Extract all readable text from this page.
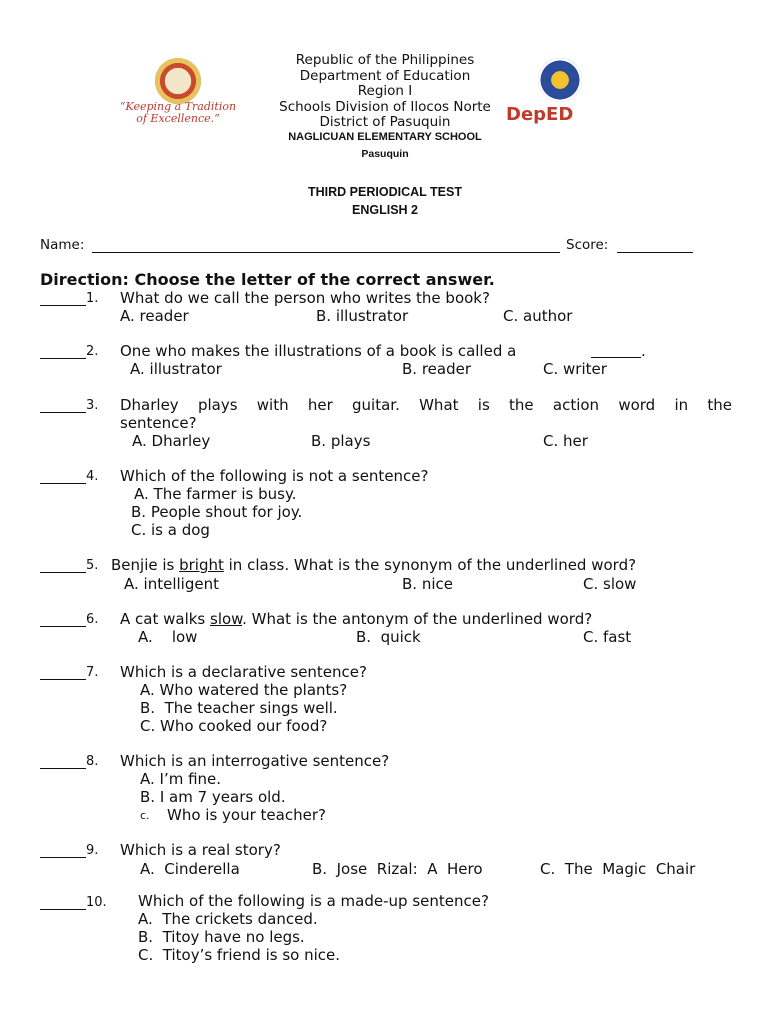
“Keeping a Tradition
of Excellence.”	DepED
Republic of the Philippines
Department of Education
Region I
Schools Division of Ilocos Norte
District of Pasuquin
NAGLICUAN ELEMENTARY SCHOOL
Pasuquin
THIRD PERIODICAL TEST
ENGLISH 2
Name:	Score:
Direction: Choose the letter of the correct answer.
1. What do we call the person who writes the book?
A. reader	B. illustrator	C. author
2. One who makes the illustrations of a book is called a	.
A. illustrator	B. reader	C. writer
3. Dharley plays with her guitar. What is the action word in the
sentence?
A. Dharley	B. plays	C. her
4. Which of the following is not a sentence?
A. The farmer is busy.
B. People shout for joy.
C. is a dog
5. Benjie is bright in class. What is the synonym of the underlined word?
A. intelligent	B. nice	C. slow
6. A cat walks slow. What is the antonym of the underlined word?
A.    low	B.  quick	C. fast
7. Which is a declarative sentence?
A. Who watered the plants?
B.  The teacher sings well.
C. Who cooked our food?
8. Which is an interrogative sentence?
A. I’m fine.
B. I am 7 years old.
c. Who is your teacher?
9. Which is a real story?
A.  Cinderella	B.  Jose  Rizal:  A  Hero	C.  The  Magic  Chair
10. Which of the following is a made-up sentence?
A.  The crickets danced.
B.  Titoy have no legs.
C.  Titoy’s friend is so nice.
